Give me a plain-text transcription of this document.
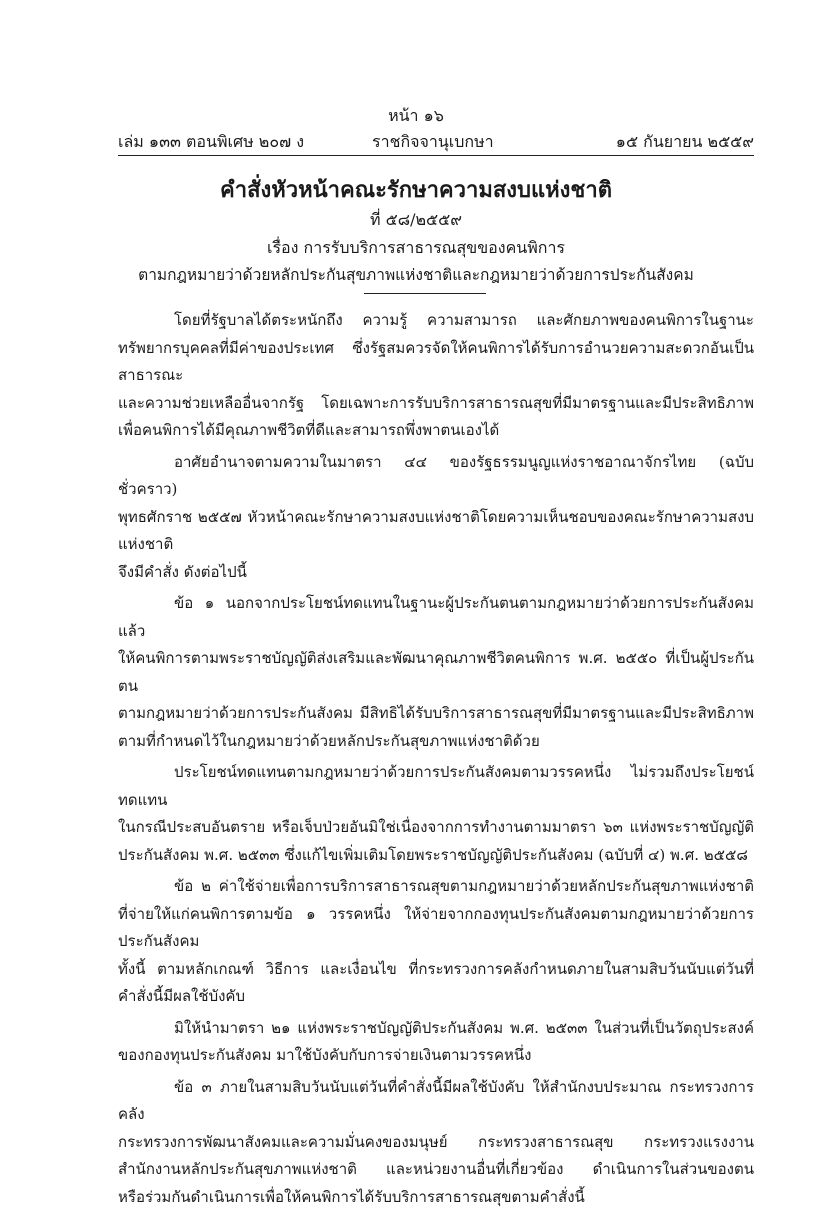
หน้า ๑๖
เล่ม ๑๓๓ ตอนพิเศษ ๒๐๗ ง	ราชกิจจานุเบกษา	๑๕ กันยายน ๒๕๕๙
คำสั่งหัวหน้าคณะรักษาความสงบแห่งชาติ
ที่ ๕๘/๒๕๕๙
เรื่อง การรับบริการสาธารณสุขของคนพิการ
ตามกฎหมายว่าด้วยหลักประกันสุขภาพแห่งชาติและกฎหมายว่าด้วยการประกันสังคม

โดยที่รัฐบาลได้ตระหนักถึง ความรู้ ความสามารถ และศักยภาพของคนพิการในฐานะ

ทรัพยากรบุคคลที่มีค่าของประเทศ ซึ่งรัฐสมควรจัดให้คนพิการได้รับการอำนวยความสะดวกอันเป็นสาธารณะ

และความช่วยเหลืออื่นจากรัฐ โดยเฉพาะการรับบริการสาธารณสุขที่มีมาตรฐานและมีประสิทธิภาพ

เพื่อคนพิการได้มีคุณภาพชีวิตที่ดีและสามารถพึ่งพาตนเองได้

อาศัยอำนาจตามความในมาตรา ๔๔ ของรัฐธรรมนูญแห่งราชอาณาจักรไทย (ฉบับชั่วคราว)

พุทธศักราช ๒๕๕๗ หัวหน้าคณะรักษาความสงบแห่งชาติโดยความเห็นชอบของคณะรักษาความสงบแห่งชาติ

จึงมีคำสั่ง ดังต่อไปนี้

ข้อ ๑ นอกจากประโยชน์ทดแทนในฐานะผู้ประกันตนตามกฎหมายว่าด้วยการประกันสังคมแล้ว

ให้คนพิการตามพระราชบัญญัติส่งเสริมและพัฒนาคุณภาพชีวิตคนพิการ พ.ศ. ๒๕๕๐ ที่เป็นผู้ประกันตน

ตามกฎหมายว่าด้วยการประกันสังคม มีสิทธิได้รับบริการสาธารณสุขที่มีมาตรฐานและมีประสิทธิภาพ

ตามที่กำหนดไว้ในกฎหมายว่าด้วยหลักประกันสุขภาพแห่งชาติด้วย

ประโยชน์ทดแทนตามกฎหมายว่าด้วยการประกันสังคมตามวรรคหนึ่ง ไม่รวมถึงประโยชน์ทดแทน

ในกรณีประสบอันตราย หรือเจ็บป่วยอันมิใช่เนื่องจากการทำงานตามมาตรา ๖๓ แห่งพระราชบัญญัติ

ประกันสังคม พ.ศ. ๒๕๓๓ ซึ่งแก้ไขเพิ่มเติมโดยพระราชบัญญัติประกันสังคม (ฉบับที่ ๔) พ.ศ. ๒๕๕๘

ข้อ ๒ ค่าใช้จ่ายเพื่อการบริการสาธารณสุขตามกฎหมายว่าด้วยหลักประกันสุขภาพแห่งชาติ

ที่จ่ายให้แก่คนพิการตามข้อ ๑ วรรคหนึ่ง ให้จ่ายจากกองทุนประกันสังคมตามกฎหมายว่าด้วยการประกันสังคม

ทั้งนี้ ตามหลักเกณฑ์ วิธีการ และเงื่อนไข ที่กระทรวงการคลังกำหนดภายในสามสิบวันนับแต่วันที่

คำสั่งนี้มีผลใช้บังคับ

มิให้นำมาตรา ๒๑ แห่งพระราชบัญญัติประกันสังคม พ.ศ. ๒๕๓๓ ในส่วนที่เป็นวัตถุประสงค์

ของกองทุนประกันสังคม มาใช้บังคับกับการจ่ายเงินตามวรรคหนึ่ง

ข้อ ๓ ภายในสามสิบวันนับแต่วันที่คำสั่งนี้มีผลใช้บังคับ ให้สำนักงบประมาณ กระทรวงการคลัง

กระทรวงการพัฒนาสังคมและความมั่นคงของมนุษย์ กระทรวงสาธารณสุข กระทรวงแรงงาน

สำนักงานหลักประกันสุขภาพแห่งชาติ และหน่วยงานอื่นที่เกี่ยวข้อง ดำเนินการในส่วนของตน

หรือร่วมกันดำเนินการเพื่อให้คนพิการได้รับบริการสาธารณสุขตามคำสั่งนี้
